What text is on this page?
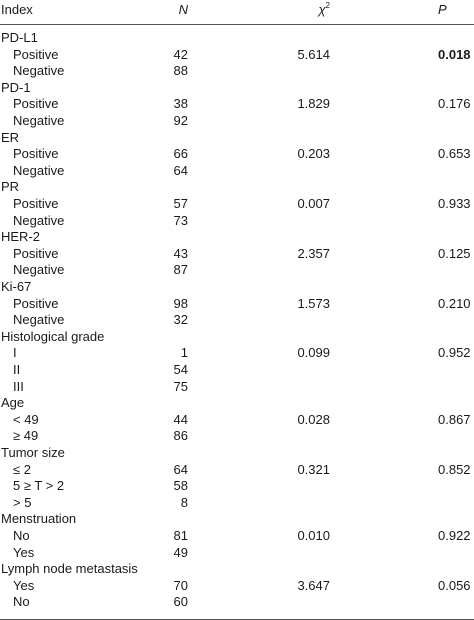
Index	N	$\chi^2$	P
PD-L1
Positive	42	5.614	0.018
Negative	88
PD-1
Positive	38	1.829	0.176
Negative	92
ER
Positive	66	0.203	0.653
Negative	64
PR
Positive	57	0.007	0.933
Negative	73
HER-2
Positive	43	2.357	0.125
Negative	87
Ki-67
Positive	98	1.573	0.210
Negative	32
Histological grade
I	1	0.099	0.952
II	54
III	75
Age
< 49	44	0.028	0.867
≥ 49	86
Tumor size
≤ 2	64	0.321	0.852
5 ≥ T > 2	58
> 5	8
Menstruation
No	81	0.010	0.922
Yes	49
Lymph node metastasis
Yes	70	3.647	0.056
No	60
